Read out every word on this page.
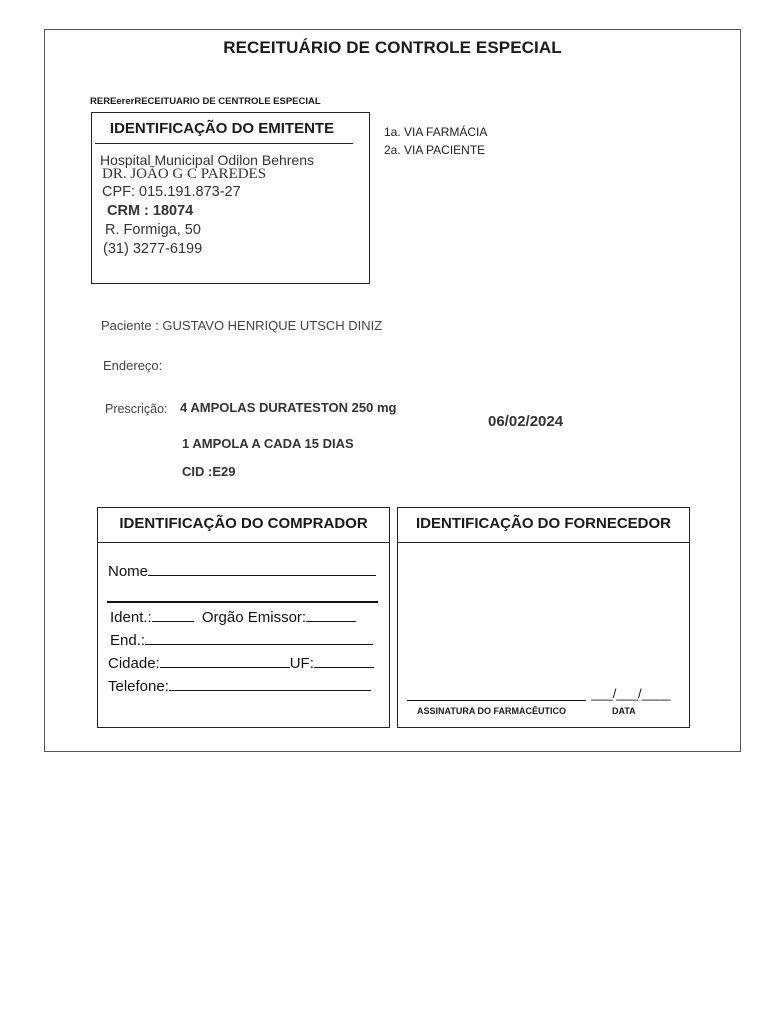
RECEITUÁRIO DE CONTROLE ESPECIAL
REREererRECEITUARIO DE CENTROLE ESPECIAL
IDENTIFICAÇÃO DO EMITENTE
Hospital Municipal Odilon Behrens
DR. JOÃO G C PAREDES
CPF: 015.191.873-27
CRM : 18074
R. Formiga, 50
(31) 3277-6199
1a. VIA FARMÁCIA
2a. VIA PACIENTE
Paciente : GUSTAVO HENRIQUE UTSCH DINIZ
Endereço:
Prescrição: 4 AMPOLAS DURATESTON 250 mg
1 AMPOLA A CADA 15 DIAS
CID :E29
06/02/2024
IDENTIFICAÇÃO DO COMPRADOR
Nome
Ident.:	Orgão Emissor:
End.:
Cidade:	UF:
Telefone:
IDENTIFICAÇÃO DO FORNECEDOR
___/___/____
ASSINATURA DO FARMACÊUTICO	DATA
